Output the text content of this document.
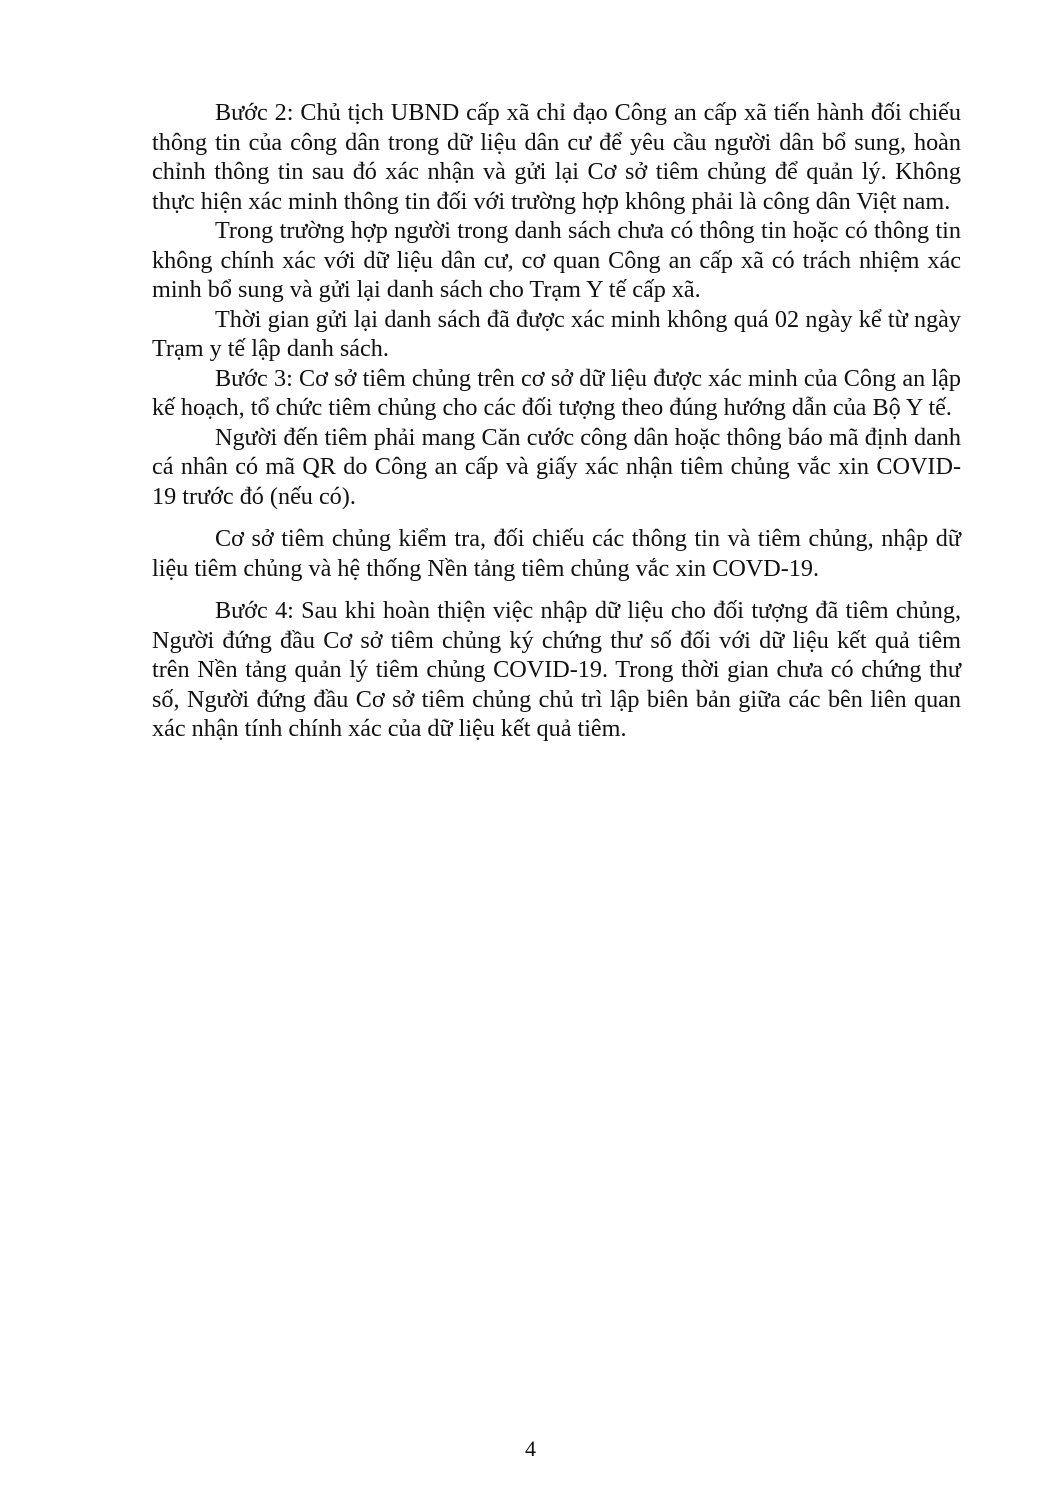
Bước 2: Chủ tịch UBND cấp xã chỉ đạo Công an cấp xã tiến hành đối chiếu thông tin của công dân trong dữ liệu dân cư để yêu cầu người dân bổ sung, hoàn chỉnh thông tin sau đó xác nhận và gửi lại Cơ sở tiêm chủng để quản lý. Không thực hiện xác minh thông tin đối với trường hợp không phải là công dân Việt nam.

Trong trường hợp người trong danh sách chưa có thông tin hoặc có thông tin không chính xác với dữ liệu dân cư, cơ quan Công an cấp xã có trách nhiệm xác minh bổ sung và gửi lại danh sách cho Trạm Y tế cấp xã.

Thời gian gửi lại danh sách đã được xác minh không quá 02 ngày kể từ ngày Trạm y tế lập danh sách.

Bước 3: Cơ sở tiêm chủng trên cơ sở dữ liệu được xác minh của Công an lập kế hoạch, tổ chức tiêm chủng cho các đối tượng theo đúng hướng dẫn của Bộ Y tế.

Người đến tiêm phải mang Căn cước công dân hoặc thông báo mã định danh cá nhân có mã QR do Công an cấp và giấy xác nhận tiêm chủng vắc xin COVID-19 trước đó (nếu có).

Cơ sở tiêm chủng kiểm tra, đối chiếu các thông tin và tiêm chủng, nhập dữ liệu tiêm chủng và hệ thống Nền tảng tiêm chủng vắc xin COVD-19.

Bước 4: Sau khi hoàn thiện việc nhập dữ liệu cho đối tượng đã tiêm chủng, Người đứng đầu Cơ sở tiêm chủng ký chứng thư số đối với dữ liệu kết quả tiêm trên Nền tảng quản lý tiêm chủng COVID-19. Trong thời gian chưa có chứng thư số, Người đứng đầu Cơ sở tiêm chủng chủ trì lập biên bản giữa các bên liên quan xác nhận tính chính xác của dữ liệu kết quả tiêm.

4
